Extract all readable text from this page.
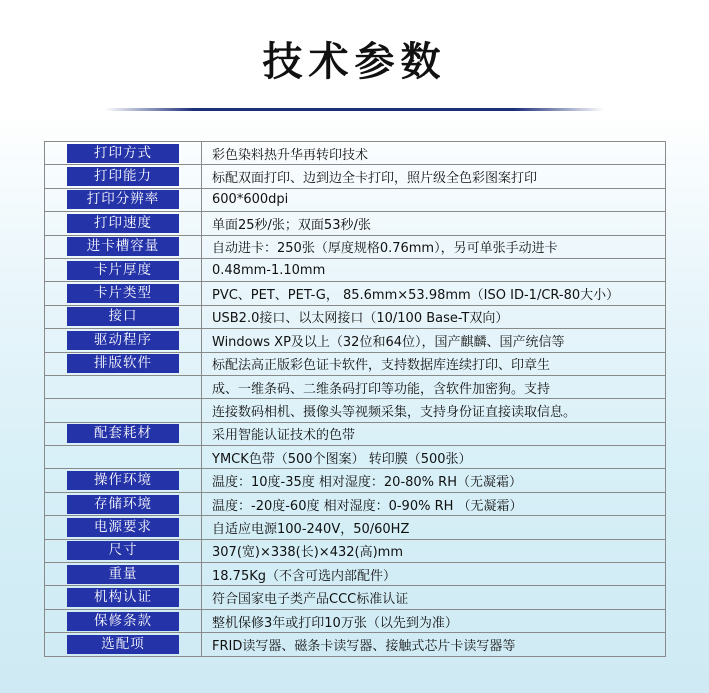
技术参数
打印方式	彩色染料热升华再转印技术
打印能力	标配双面打印、边到边全卡打印，照片级全色彩图案打印
打印分辨率	600*600dpi
打印速度	单面25秒/张；双面53秒/张
进卡槽容量	自动进卡：250张（厚度规格0.76mm），另可单张手动进卡
卡片厚度	0.48mm-1.10mm
卡片类型	PVC、PET、PET-G， 85.6mm×53.98mm（ISO ID-1/CR-80大小）
接口	USB2.0接口、以太网接口（10/100 Base-T双向）
驱动程序	Windows XP及以上（32位和64位），国产麒麟、国产统信等
排版软件	标配法高正版彩色证卡软件，支持数据库连续打印、印章生
	成、一维条码、二维条码打印等功能，含软件加密狗。支持
	连接数码相机、摄像头等视频采集，支持身份证直接读取信息。
配套耗材	采用智能认证技术的色带
	YMCK色带（500个图案） 转印膜（500张）
操作环境	温度：10度-35度 相对湿度：20-80% RH（无凝霜）
存储环境	温度：-20度-60度 相对湿度：0-90% RH （无凝霜）
电源要求	自适应电源100-240V，50/60HZ
尺寸	307(宽)×338(长)×432(高)mm
重量	18.75Kg（不含可选内部配件）
机构认证	符合国家电子类产品CCC标准认证
保修条款	整机保修3年或打印10万张（以先到为准）
选配项	FRID读写器、磁条卡读写器、接触式芯片卡读写器等
